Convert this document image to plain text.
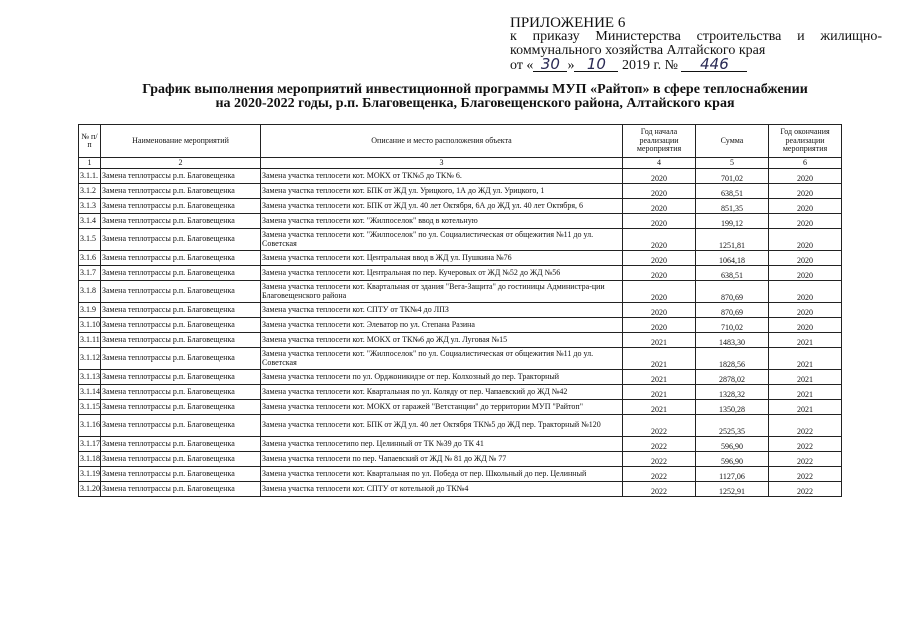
ПРИЛОЖЕНИЕ 6
к приказу Министерства строительства и жилищно-
коммунального хозяйства Алтайского края
от « 30 » 10 2019 г. № 446
График выполнения мероприятий инвестиционной программы МУП «Райтоп» в сфере теплоснабжении
на 2020-2022 годы, р.п. Благовещенка, Благовещенского района, Алтайского края
№ п/п	Наименование мероприятий	Описание и место расположения объекта	Год начала реализации мероприятия	Сумма	Год окончания реализации мероприятия
1	2	3	4	5	6
3.1.1.	Замена теплотрассы р.п. Благовещенка	Замена участка теплосети кот. МОКХ от ТК№5 до ТК№ 6.	2020	701,02	2020
3.1.2	Замена теплотрассы р.п. Благовещенка	Замена участка теплосети кот. БПК от ЖД ул. Урицкого, 1А до ЖД ул. Урицкого, 1	2020	638,51	2020
3.1.3	Замена теплотрассы р.п. Благовещенка	Замена участка теплосети кот. БПК от ЖД ул. 40 лет Октября, 6А до ЖД ул. 40 лет Октября, 6	2020	851,35	2020
3.1.4	Замена теплотрассы р.п. Благовещенка	Замена участка теплосети кот. "Жилпоселок" ввод в котельную	2020	199,12	2020
3.1.5	Замена теплотрассы р.п. Благовещенка	Замена участка теплосети кот. "Жилпоселок" по ул. Социалистическая от общежития №11 до ул. Советская	2020	1251,81	2020
3.1.6	Замена теплотрассы р.п. Благовещенка	Замена участка теплосети кот. Центральная ввод в ЖД ул. Пушкина №76	2020	1064,18	2020
3.1.7	Замена теплотрассы р.п. Благовещенка	Замена участка теплосети кот. Центральная по пер. Кучеровых от ЖД №52 до ЖД №56	2020	638,51	2020
3.1.8	Замена теплотрассы р.п. Благовещенка	Замена участка теплосети кот. Квартальная от здания "Вега-Защита" до гостиницы Администра-ции Благовещенского района	2020	870,69	2020
3.1.9	Замена теплотрассы р.п. Благовещенка	Замена участка теплосети кот. СПТУ от ТК№4 до ЛПЗ	2020	870,69	2020
3.1.10	Замена теплотрассы р.п. Благовещенка	Замена участка теплосети кот. Элеватор по ул. Степана Разина	2020	710,02	2020
3.1.11	Замена теплотрассы р.п. Благовещенка	Замена участка теплосети кот. МОКХ от ТК№6 до ЖД ул. Луговая №15	2021	1483,30	2021
3.1.12	Замена теплотрассы р.п. Благовещенка	Замена участка теплосети кот. "Жилпоселок" по ул. Социалистическая от общежития №11 до ул. Советская	2021	1828,56	2021
3.1.13	Замена теплотрассы р.п. Благовещенка	Замена участка теплосети по ул. Орджоникидзе от пер. Колхозный до пер. Тракторный	2021	2878,02	2021
3.1.14	Замена теплотрассы р.п. Благовещенка	Замена участка теплосети кот. Квартальная по ул. Коляду от пер. Чапаевский до ЖД №42	2021	1328,32	2021
3.1.15	Замена теплотрассы р.п. Благовещенка	Замена участка теплосети кот. МОКХ от гаражей "Ветстанции" до территории МУП "Райтоп"	2021	1350,28	2021
3.1.16	Замена теплотрассы р.п. Благовещенка	Замена участка теплосети кот. БПК от ЖД ул. 40 лет Октября ТК№5 до ЖД пер. Тракторный №120	2022	2525,35	2022
3.1.17	Замена теплотрассы р.п. Благовещенка	Замена участка теплосетипо пер. Целинный от ТК №39 до ТК 41	2022	596,90	2022
3.1.18	Замена теплотрассы р.п. Благовещенка	Замена участка теплосети по пер. Чапаевский от ЖД № 81 до ЖД № 77	2022	596,90	2022
3.1.19	Замена теплотрассы р.п. Благовещенка	Замена участка теплосети кот. Квартальная по ул. Победа от пер. Школьный до пер. Целинный	2022	1127,06	2022
3.1.20	Замена теплотрассы р.п. Благовещенка	Замена участка теплосети кот. СПТУ от котельной до ТК№4	2022	1252,91	2022
